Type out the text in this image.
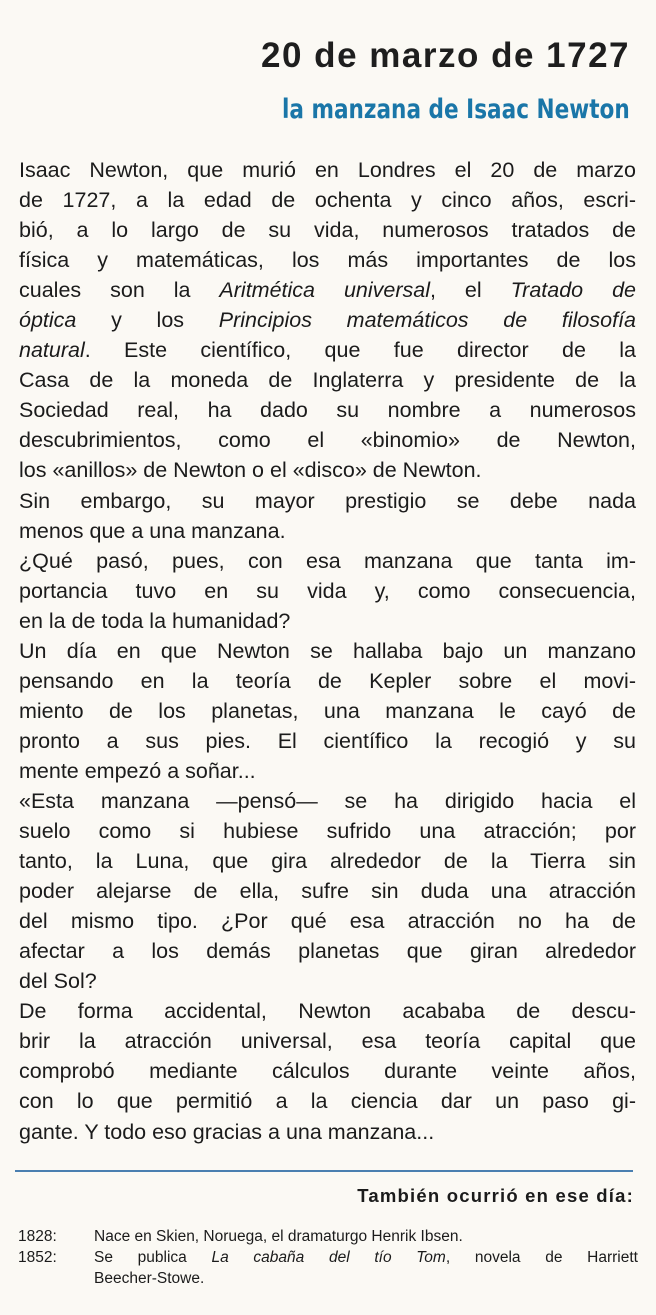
20 de marzo de 1727
la manzana de Isaac Newton
Isaac Newton, que murió en Londres el 20 de marzo
de 1727, a la edad de ochenta y cinco años, escri-
bió, a lo largo de su vida, numerosos tratados de
física y matemáticas, los más importantes de los
cuales son la Aritmética universal, el Tratado de
óptica y los Principios matemáticos de filosofía
natural. Este científico, que fue director de la
Casa de la moneda de Inglaterra y presidente de la
Sociedad real, ha dado su nombre a numerosos
descubrimientos, como el «binomio» de Newton,
los «anillos» de Newton o el «disco» de Newton.
Sin embargo, su mayor prestigio se debe nada
menos que a una manzana.
¿Qué pasó, pues, con esa manzana que tanta im-
portancia tuvo en su vida y, como consecuencia,
en la de toda la humanidad?
Un día en que Newton se hallaba bajo un manzano
pensando en la teoría de Kepler sobre el movi-
miento de los planetas, una manzana le cayó de
pronto a sus pies. El científico la recogió y su
mente empezó a soñar...
«Esta manzana —pensó— se ha dirigido hacia el
suelo como si hubiese sufrido una atracción; por
tanto, la Luna, que gira alrededor de la Tierra sin
poder alejarse de ella, sufre sin duda una atracción
del mismo tipo. ¿Por qué esa atracción no ha de
afectar a los demás planetas que giran alrededor
del Sol?
De forma accidental, Newton acababa de descu-
brir la atracción universal, esa teoría capital que
comprobó mediante cálculos durante veinte años,
con lo que permitió a la ciencia dar un paso gi-
gante. Y todo eso gracias a una manzana...
También ocurrió en ese día:
1828:	Nace en Skien, Noruega, el dramaturgo Henrik Ibsen.
1852:	Se publica La cabaña del tío Tom, novela de Harriett
Beecher-Stowe.
